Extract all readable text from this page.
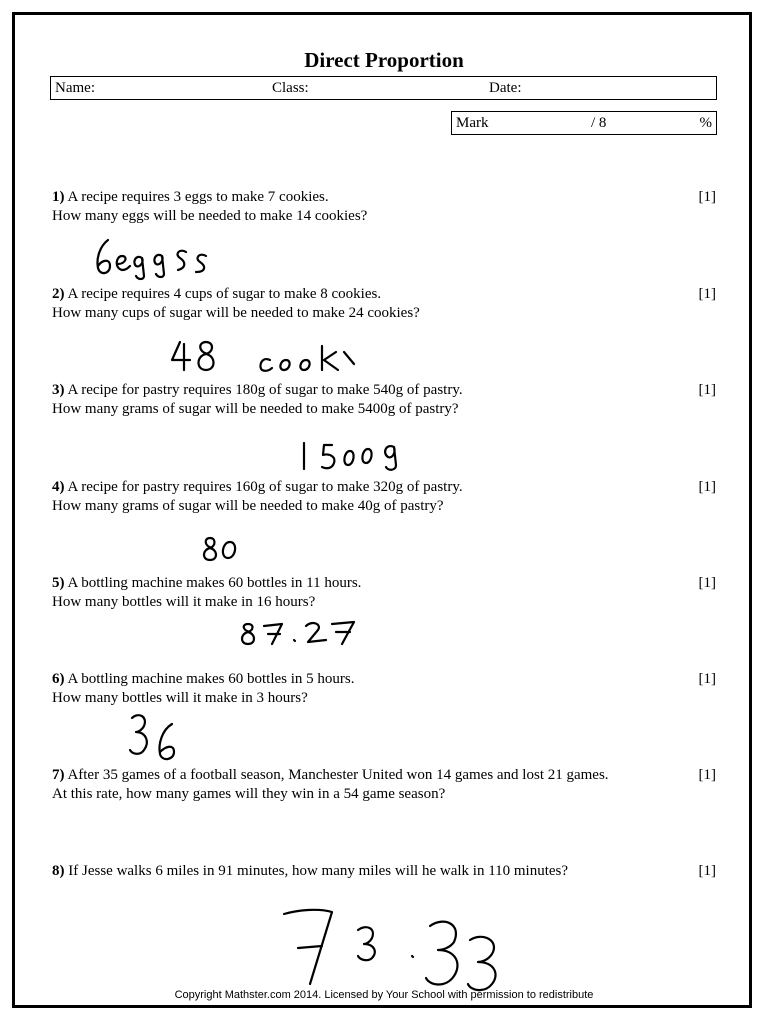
Direct Proportion
Name:	Class:	Date:
Mark	/ 8	%
1) A recipe requires 3 eggs to make 7 cookies.
How many eggs will be needed to make 14 cookies?
[1]
2) A recipe requires 4 cups of sugar to make 8 cookies.
How many cups of sugar will be needed to make 24 cookies?
[1]
3) A recipe for pastry requires 180g of sugar to make 540g of pastry.
How many grams of sugar will be needed to make 5400g of pastry?
[1]
4) A recipe for pastry requires 160g of sugar to make 320g of pastry.
How many grams of sugar will be needed to make 40g of pastry?
[1]
5) A bottling machine makes 60 bottles in 11 hours.
How many bottles will it make in 16 hours?
[1]
6) A bottling machine makes 60 bottles in 5 hours.
How many bottles will it make in 3 hours?
[1]
7) After 35 games of a football season, Manchester United won 14 games and lost 21 games.
At this rate, how many games will they win in a 54 game season?
[1]
8) If Jesse walks 6 miles in 91 minutes, how many miles will he walk in 110 minutes?	[1]
Copyright Mathster.com 2014. Licensed by Your School with permission to redistribute
